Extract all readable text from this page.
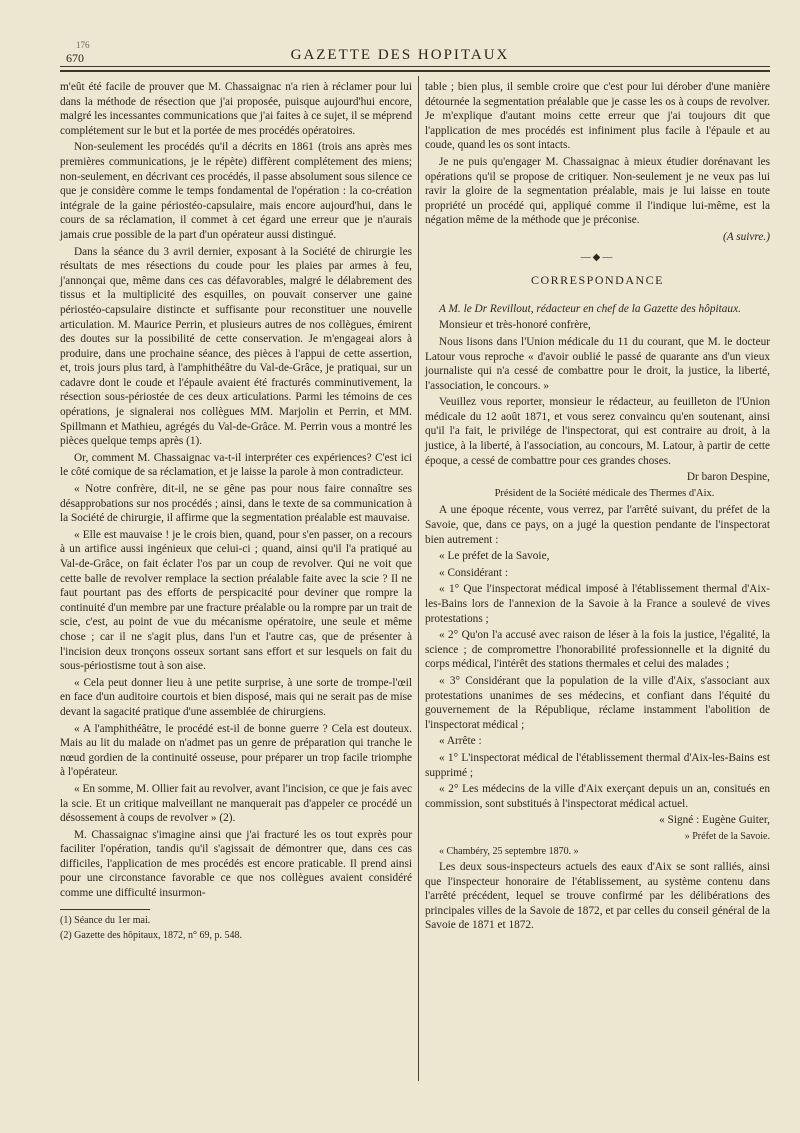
176
670	GAZETTE DES HOPITAUX

m'eût été facile de prouver que M. Chassaignac n'a rien à réclamer pour lui dans la méthode de résection que j'ai proposée, puisque aujourd'hui encore, malgré les incessantes communications que j'ai faites à ce sujet, il se méprend complétement sur le but et la portée de mes procédés opératoires.

Non-seulement les procédés qu'il a décrits en 1861 (trois ans après mes premières communications, je le répète) diffèrent complétement des miens; non-seulement, en décrivant ces procédés, il passe absolument sous silence ce que je considère comme le temps fondamental de l'opération : la co-création intégrale de la gaine périostéo-capsulaire, mais encore aujourd'hui, dans le cours de sa réclamation, il commet à cet égard une erreur que je n'aurais jamais crue possible de la part d'un opérateur aussi distingué.

Dans la séance du 3 avril dernier, exposant à la Société de chirurgie les résultats de mes résections du coude pour les plaies par armes à feu, j'annonçai que, même dans ces cas défavorables, malgré le délabrement des tissus et la multiplicité des esquilles, on pouvait conserver une gaine périostéo-capsulaire distincte et suffisante pour reconstituer une nouvelle articulation. M. Maurice Perrin, et plusieurs autres de nos collègues, émirent des doutes sur la possibilité de cette conservation. Je m'engageai alors à produire, dans une prochaine séance, des pièces à l'appui de cette assertion, et, trois jours plus tard, à l'amphithéâtre du Val-de-Grâce, je pratiquai, sur un cadavre dont le coude et l'épaule avaient été fracturés comminutivement, la résection sous-périostée de ces deux articulations. Parmi les témoins de ces opérations, je signalerai nos collègues MM. Marjolin et Perrin, et MM. Spillmann et Mathieu, agrégés du Val-de-Grâce. M. Perrin vous a montré les pièces quelque temps après (1).

Or, comment M. Chassaignac va-t-il interpréter ces expériences? C'est ici le côté comique de sa réclamation, et je laisse la parole à mon contradicteur.

« Notre confrère, dit-il, ne se gêne pas pour nous faire connaître ses désapprobations sur nos procédés ; ainsi, dans le texte de sa communication à la Société de chirurgie, il affirme que la segmentation préalable est mauvaise.

« Elle est mauvaise ! je le crois bien, quand, pour s'en passer, on a recours à un artifice aussi ingénieux que celui-ci ; quand, ainsi qu'il l'a pratiqué au Val-de-Grâce, on fait éclater l'os par un coup de revolver. Qui ne voit que cette balle de revolver remplace la section préalable faite avec la scie ? Il ne faut pourtant pas des efforts de perspicacité pour deviner que rompre la continuité d'un membre par une fracture préalable ou la rompre par un trait de scie, c'est, au point de vue du mécanisme opératoire, une seule et même chose ; car il ne s'agit plus, dans l'un et l'autre cas, que de présenter à l'incision deux tronçons osseux sortant sans effort et sur lesquels on fait du sous-périostisme tout à son aise.

« Cela peut donner lieu à une petite surprise, à une sorte de trompe-l'œil en face d'un auditoire courtois et bien disposé, mais qui ne serait pas de mise devant la sagacité pratique d'une assemblée de chirurgiens.

« A l'amphithéâtre, le procédé est-il de bonne guerre ? Cela est douteux. Mais au lit du malade on n'admet pas un genre de préparation qui tranche le nœud gordien de la continuité osseuse, pour préparer un trop facile triomphe à l'opérateur.

« En somme, M. Ollier fait au revolver, avant l'incision, ce que je fais avec la scie. Et un critique malveillant ne manquerait pas d'appeler ce procédé un désossement à coups de revolver » (2).

M. Chassaignac s'imagine ainsi que j'ai fracturé les os tout exprès pour faciliter l'opération, tandis qu'il s'agissait de démontrer que, dans ces cas difficiles, l'application de mes procédés est encore praticable. Il prend ainsi pour une circonstance favorable ce que nos collègues avaient considéré comme une difficulté insurmon-

(1) Séance du 1er mai.

(2) Gazette des hôpitaux, 1872, n° 69, p. 548.

table ; bien plus, il semble croire que c'est pour lui dérober d'une manière détournée la segmentation préalable que je casse les os à coups de revolver. Je m'explique d'autant moins cette erreur que j'ai toujours dit que l'application de mes procédés est infiniment plus facile à l'épaule et au coude, quand les os sont intacts.

Je ne puis qu'engager M. Chassaignac à mieux étudier dorénavant les opérations qu'il se propose de critiquer. Non-seulement je ne veux pas lui ravir la gloire de la segmentation préalable, mais je lui laisse en toute propriété un procédé qui, appliqué comme il l'indique lui-même, est la négation même de la méthode que je préconise.

(A suivre.)

—◆—
CORRESPONDANCE

A M. le Dr Revillout, rédacteur en chef de la Gazette des hôpitaux.

Monsieur et très-honoré confrère,

Nous lisons dans l'Union médicale du 11 du courant, que M. le docteur Latour vous reproche « d'avoir oublié le passé de quarante ans d'un vieux journaliste qui n'a cessé de combattre pour le droit, la justice, la liberté, l'association, le concours. »

Veuillez vous reporter, monsieur le rédacteur, au feuilleton de l'Union médicale du 12 août 1871, et vous serez convaincu qu'en soutenant, ainsi qu'il l'a fait, le privilége de l'inspectorat, qui est contraire au droit, à la justice, à la liberté, à l'association, au concours, M. Latour, à partir de cette époque, a cessé de combattre pour ces grandes choses.

Dr baron Despine,

Président de la Société médicale des Thermes d'Aix.

A une époque récente, vous verrez, par l'arrêté suivant, du préfet de la Savoie, que, dans ce pays, on a jugé la question pendante de l'inspectorat bien autrement :

« Le préfet de la Savoie,

« Considérant :

« 1° Que l'inspectorat médical imposé à l'établissement thermal d'Aix-les-Bains lors de l'annexion de la Savoie à la France a soulevé de vives protestations ;

« 2° Qu'on l'a accusé avec raison de léser à la fois la justice, l'égalité, la science ; de compromettre l'honorabilité professionnelle et la dignité du corps médical, l'intérêt des stations thermales et celui des malades ;

« 3° Considérant que la population de la ville d'Aix, s'associant aux protestations unanimes de ses médecins, et confiant dans l'équité du gouvernement de la République, réclame instamment l'abolition de l'inspectorat médical ;

« Arrête :

« 1° L'inspectorat médical de l'établissement thermal d'Aix-les-Bains est supprimé ;

« 2° Les médecins de la ville d'Aix exerçant depuis un an, consitués en commission, sont substitués à l'inspectorat médical actuel.

« Signé : Eugène Guiter,

» Préfet de la Savoie.

« Chambéry, 25 septembre 1870. »

Les deux sous-inspecteurs actuels des eaux d'Aix se sont ralliés, ainsi que l'inspecteur honoraire de l'établissement, au système contenu dans l'arrêté précédent, lequel se trouve confirmé par les délibérations des principales villes de la Savoie de 1872, et par celles du conseil général de la Savoie de 1871 et 1872.
